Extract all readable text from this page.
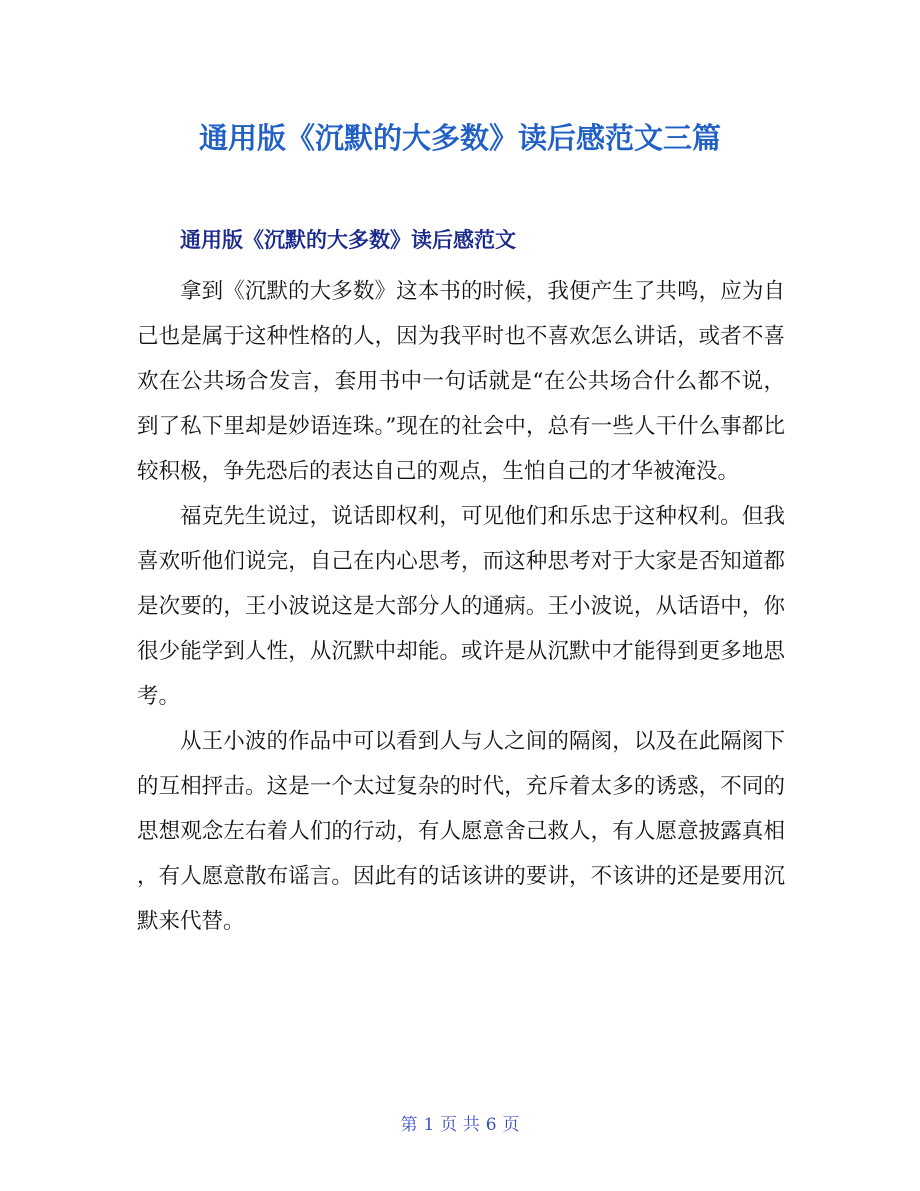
通用版《沉默的大多数》读后感范文三篇
通用版《沉默的大多数》读后感范文

拿到《沉默的大多数》这本书的时候，我便产生了共鸣，应为自己也是属于这种性格的人，因为我平时也不喜欢怎么讲话，或者不喜欢在公共场合发言，套用书中一句话就是“在公共场合什么都不说，到了私下里却是妙语连珠。”现在的社会中，总有一些人干什么事都比较积极，争先恐后的表达自己的观点，生怕自己的才华被淹没。

福克先生说过，说话即权利，可见他们和乐忠于这种权利。但我喜欢听他们说完，自己在内心思考，而这种思考对于大家是否知道都是次要的，王小波说这是大部分人的通病。王小波说，从话语中，你很少能学到人性，从沉默中却能。或许是从沉默中才能得到更多地思考。

从王小波的作品中可以看到人与人之间的隔阂，以及在此隔阂下的互相抨击。这是一个太过复杂的时代，充斥着太多的诱惑，不同的思想观念左右着人们的行动，有人愿意舍己救人，有人愿意披露真相，有人愿意散布谣言。因此有的话该讲的要讲，不该讲的还是要用沉默来代替。

第 1 页 共 6 页
